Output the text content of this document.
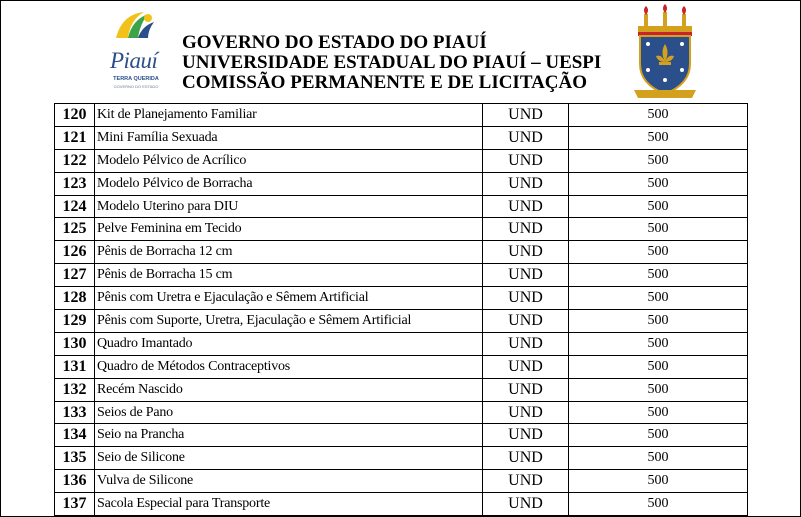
Piauí
TERRA QUERIDA
GOVERNO DO ESTADO
GOVERNO DO ESTADO DO PIAUÍ
UNIVERSIDADE ESTADUAL DO PIAUÍ – UESPI
COMISSÃO PERMANENTE E DE LICITAÇÃO
120	Kit de Planejamento Familiar	UND	500
121	Mini Família Sexuada	UND	500
122	Modelo Pélvico de Acrílico	UND	500
123	Modelo Pélvico de Borracha	UND	500
124	Modelo Uterino para DIU	UND	500
125	Pelve Feminina em Tecido	UND	500
126	Pênis de Borracha 12 cm	UND	500
127	Pênis de Borracha 15 cm	UND	500
128	Pênis com Uretra e Ejaculação e Sêmem Artificial	UND	500
129	Pênis com Suporte, Uretra, Ejaculação e Sêmem Artificial	UND	500
130	Quadro Imantado	UND	500
131	Quadro de Métodos Contraceptivos	UND	500
132	Recém Nascido	UND	500
133	Seios de Pano	UND	500
134	Seio na Prancha	UND	500
135	Seio de Silicone	UND	500
136	Vulva de Silicone	UND	500
137	Sacola Especial para Transporte	UND	500
